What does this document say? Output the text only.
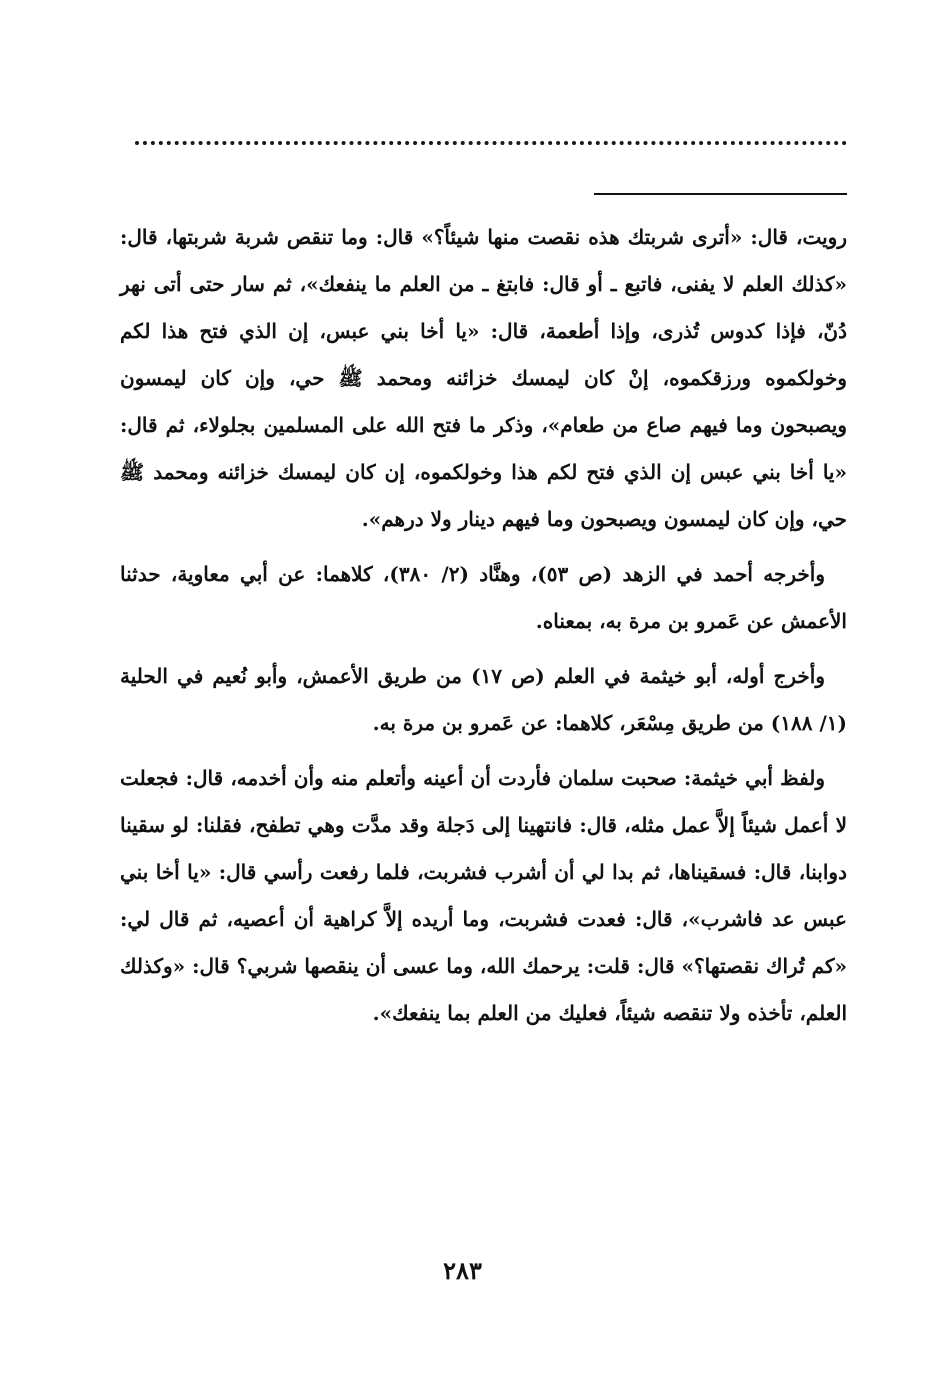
رويت، قال: «أترى شربتك هذه نقصت منها شيئاً؟» قال: وما تنقص شربة شربتها، قال: «كذلك العلم لا يفنى، فاتبع ـ أو قال: فابتغ ـ من العلم ما ينفعك»، ثم سار حتى أتى نهر دُنّ، فإذا كدوس تُذرى، وإذا أطعمة، قال: «يا أخا بني عبس، إن الذي فتح هذا لكم وخولكموه ورزقكموه، إنْ كان ليمسك خزائنه ومحمد ﷺ حي، وإن كان ليمسون ويصبحون وما فيهم صاع من طعام»، وذكر ما فتح الله على المسلمين بجلولاء، ثم قال: «يا أخا بني عبس إن الذي فتح لكم هذا وخولكموه، إن كان ليمسك خزائنه ومحمد ﷺ حي، وإن كان ليمسون ويصبحون وما فيهم دينار ولا درهم».

وأخرجه أحمد في الزهد (ص ٥٣)، وهنَّاد (٢/ ٣٨٠)، كلاهما: عن أبي معاوية، حدثنا الأعمش عن عَمرو بن مرة به، بمعناه.

وأخرج أوله، أبو خيثمة في العلم (ص ١٧) من طريق الأعمش، وأبو نُعيم في الحلية (١/ ١٨٨) من طريق مِسْعَر، كلاهما: عن عَمرو بن مرة به.

ولفظ أبي خيثمة: صحبت سلمان فأردت أن أعينه وأتعلم منه وأن أخدمه، قال: فجعلت لا أعمل شيئاً إلاَّ عمل مثله، قال: فانتهينا إلى دَجلة وقد مدَّت وهي تطفح، فقلنا: لو سقينا دوابنا، قال: فسقيناها، ثم بدا لي أن أشرب فشربت، فلما رفعت رأسي قال: «يا أخا بني عبس عد فاشرب»، قال: فعدت فشربت، وما أريده إلاَّ كراهية أن أعصيه، ثم قال لي: «كم تُراك نقصتها؟» قال: قلت: يرحمك الله، وما عسى أن ينقصها شربي؟ قال: «وكذلك العلم، تأخذه ولا تنقصه شيئاً، فعليك من العلم بما ينفعك».

٢٨٣
